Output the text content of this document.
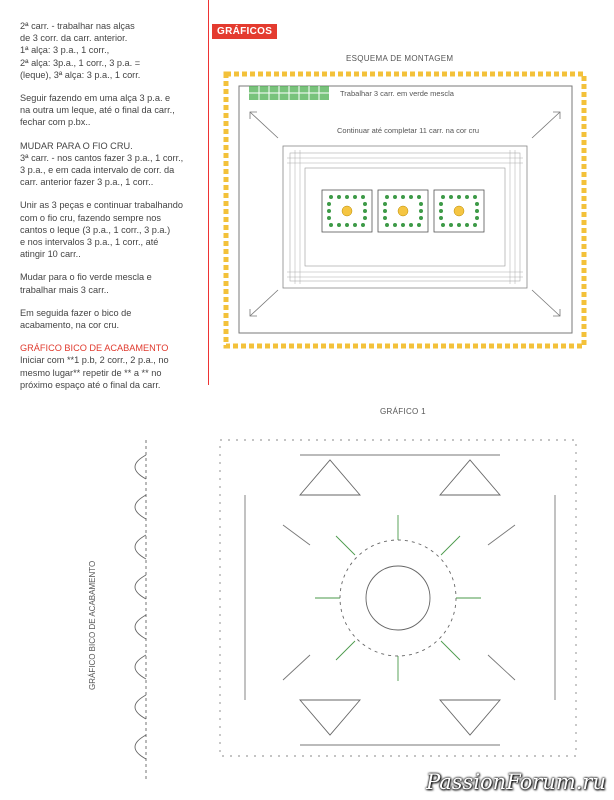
2ª carr. - trabalhar nas alças
de 3 corr. da carr. anterior.
1ª alça: 3 p.a., 1 corr.,
2ª alça: 3p.a., 1 corr., 3 p.a. =
(leque), 3ª alça: 3 p.a., 1 corr.

Seguir fazendo em uma alça 3 p.a. e
na outra um leque, até o final da carr.,
fechar com p.bx..

MUDAR PARA O FIO CRU.
3ª carr. - nos cantos fazer 3 p.a., 1 corr.,
3 p.a., e em cada intervalo de corr. da
carr. anterior fazer 3 p.a., 1 corr..

Unir as 3 peças e continuar trabalhando
com o fio cru, fazendo sempre nos
cantos o leque (3 p.a., 1 corr., 3 p.a.)
e nos intervalos 3 p.a., 1 corr., até
atingir 10 carr..

Mudar para o fio verde mescla e
trabalhar mais 3 carr..

Em seguida fazer o bico de
acabamento, na cor cru.

GRÁFICO BICO DE ACABAMENTO

Iniciar com **1 p.b, 2 corr., 2 p.a., no
mesmo lugar** repetir de ** a ** no
próximo espaço até o final da carr.

GRÁFICOS
ESQUEMA DE MONTAGEM
GRÁFICO 1
Trabalhar 3 carr. em verde mescla
Continuar até completar 11 carr. na cor cru
GRÁFICO BICO DE ACABAMENTO
PassionForum.ru
